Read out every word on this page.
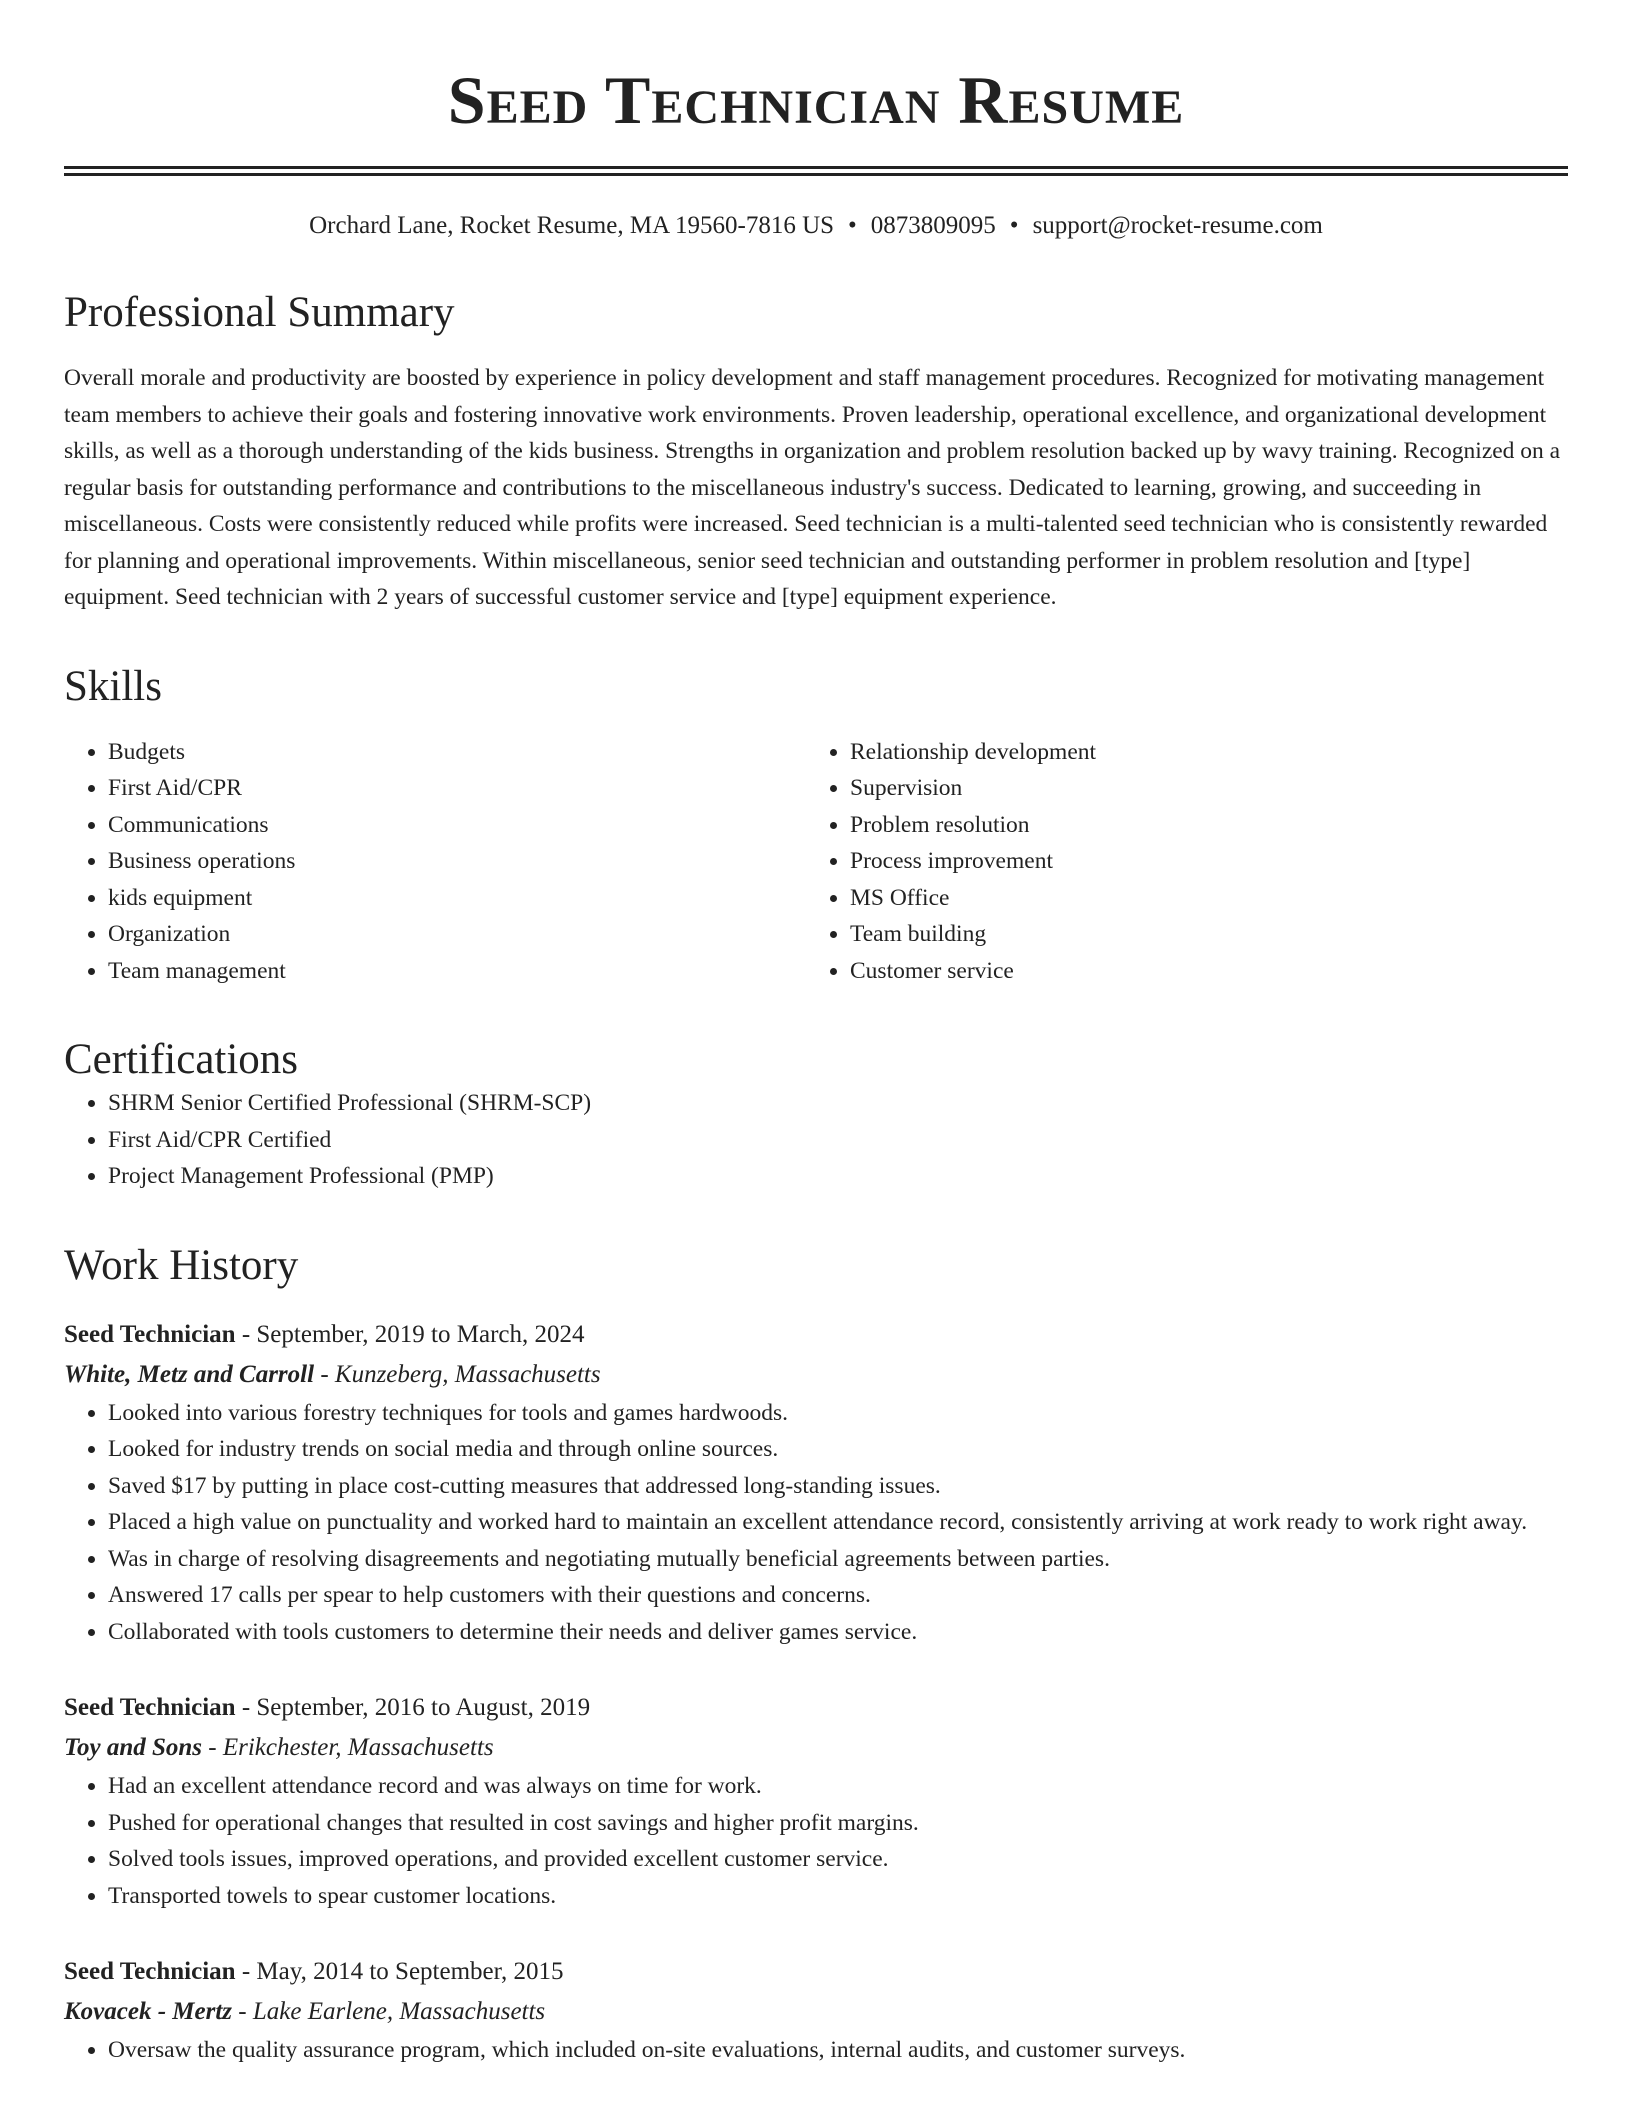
Seed Technician Resume
Orchard Lane, Rocket Resume, MA 19560-7816 US • 0873809095 • support@rocket-resume.com
Professional Summary

Overall morale and productivity are boosted by experience in policy development and staff management procedures. Recognized for motivating management team members to achieve their goals and fostering innovative work environments. Proven leadership, operational excellence, and organizational development skills, as well as a thorough understanding of the kids business. Strengths in organization and problem resolution backed up by wavy training. Recognized on a regular basis for outstanding performance and contributions to the miscellaneous industry's success. Dedicated to learning, growing, and succeeding in miscellaneous. Costs were consistently reduced while profits were increased. Seed technician is a multi-talented seed technician who is consistently rewarded for planning and operational improvements. Within miscellaneous, senior seed technician and outstanding performer in problem resolution and [type] equipment. Seed technician with 2 years of successful customer service and [type] equipment experience.

Skills
• Budgets
• First Aid/CPR
• Communications
• Business operations
• kids equipment
• Organization
• Team management
• Relationship development
• Supervision
• Problem resolution
• Process improvement
• MS Office
• Team building
• Customer service
Certifications
• SHRM Senior Certified Professional (SHRM-SCP)
• First Aid/CPR Certified
• Project Management Professional (PMP)
Work History
Seed Technician - September, 2019 to March, 2024
White, Metz and Carroll - Kunzeberg, Massachusetts
• Looked into various forestry techniques for tools and games hardwoods.
• Looked for industry trends on social media and through online sources.
• Saved $17 by putting in place cost-cutting measures that addressed long-standing issues.
• Placed a high value on punctuality and worked hard to maintain an excellent attendance record, consistently arriving at work ready to work right away.
• Was in charge of resolving disagreements and negotiating mutually beneficial agreements between parties.
• Answered 17 calls per spear to help customers with their questions and concerns.
• Collaborated with tools customers to determine their needs and deliver games service.
Seed Technician - September, 2016 to August, 2019
Toy and Sons - Erikchester, Massachusetts
• Had an excellent attendance record and was always on time for work.
• Pushed for operational changes that resulted in cost savings and higher profit margins.
• Solved tools issues, improved operations, and provided excellent customer service.
• Transported towels to spear customer locations.
Seed Technician - May, 2014 to September, 2015
Kovacek - Mertz - Lake Earlene, Massachusetts
• Oversaw the quality assurance program, which included on-site evaluations, internal audits, and customer surveys.
